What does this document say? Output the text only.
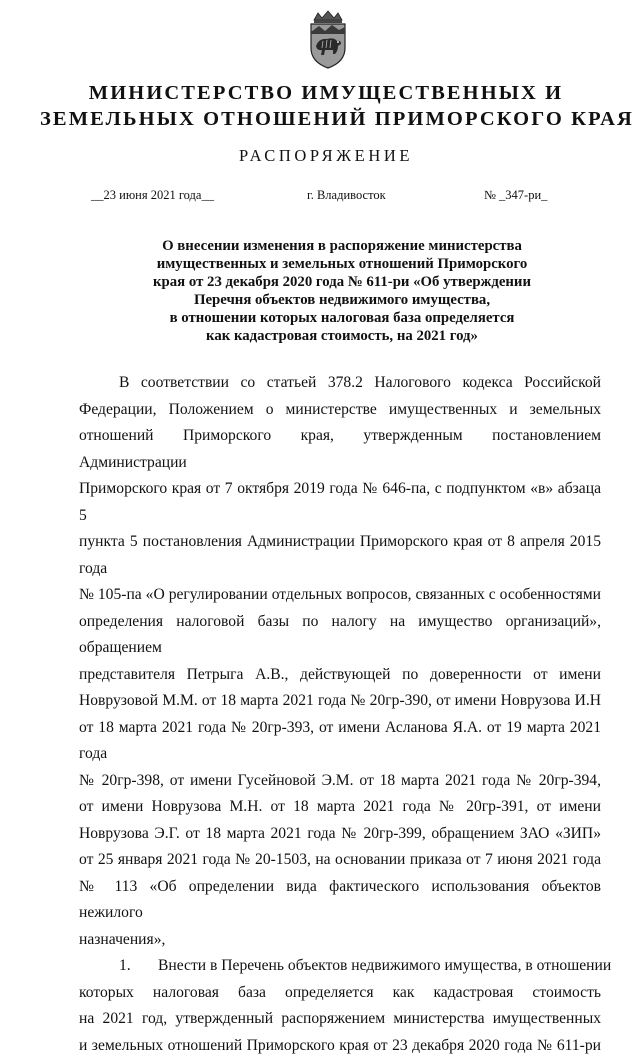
МИНИСТЕРСТВО ИМУЩЕСТВЕННЫХ И
ЗЕМЕЛЬНЫХ ОТНОШЕНИЙ ПРИМОРСКОГО КРАЯ
РАСПОРЯЖЕНИЕ
__23 июня 2021 года__	г. Владивосток	№ _347-ри_
О внесении изменения в распоряжение министерства
имущественных и земельных отношений Приморского
края от 23 декабря 2020 года № 611-ри «Об утверждении
Перечня объектов недвижимого имущества,
в отношении которых налоговая база определяется
как кадастровая стоимость, на 2021 год»

В соответствии со статьей 378.2 Налогового кодекса Российской

Федерации, Положением о министерстве имущественных и земельных

отношений Приморского края, утвержденным постановлением Администрации

Приморского края от 7 октября 2019 года № 646-па, с подпунктом «в» абзаца 5

пункта 5 постановления Администрации Приморского края от 8 апреля 2015 года

№ 105-па «О регулировании отдельных вопросов, связанных с особенностями

определения налоговой базы по налогу на имущество организаций», обращением

представителя Петрыга А.В., действующей по доверенности от имени

Новрузовой М.М. от 18 марта 2021 года № 20гр-390, от имени Новрузова И.Н

от 18 марта 2021 года № 20гр-393, от имени Асланова Я.А. от 19 марта 2021 года

№ 20гр-398, от имени Гусейновой Э.М. от 18 марта 2021 года № 20гр-394,

от имени Новрузова М.Н. от 18 марта 2021 года № 20гр-391, от имени

Новрузова Э.Г. от 18 марта 2021 года № 20гр-399, обращением ЗАО «ЗИП»

от 25 января 2021 года № 20-1503, на основании приказа от 7 июня 2021 года

№ 113 «Об определении вида фактического использования объектов нежилого

назначения»,

1.       Внести в Перечень объектов недвижимого имущества, в отношении

которых налоговая база определяется как кадастровая стоимость

на 2021 год, утвержденный распоряжением министерства имущественных

и земельных отношений Приморского края от 23 декабря 2020 года № 611-ри
